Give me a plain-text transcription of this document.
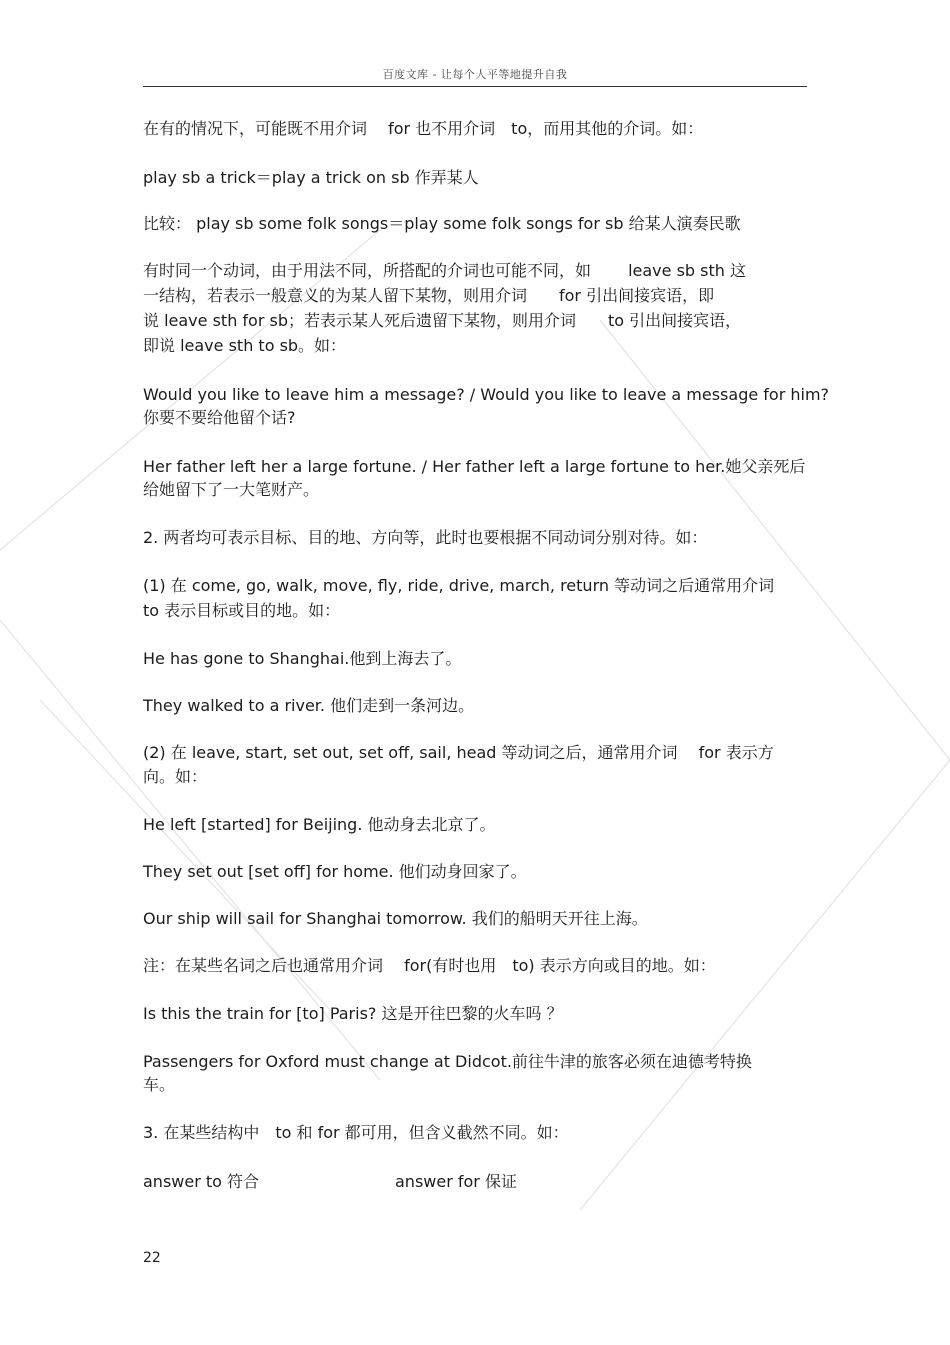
百度文库 - 让每个人平等地提升自我
在有的情况下，可能既不用介词　 for 也不用介词　to，而用其他的介词。如：
play sb a trick＝play a trick on sb 作弄某人
比较： play sb some folk songs＝play some folk songs for sb 给某人演奏民歌
有时同一个动词，由于用法不同，所搭配的介词也可能不同，如　　 leave sb sth 这
一结构，若表示一般意义的为某人留下某物，则用介词　　for 引出间接宾语，即
说 leave sth for sb；若表示某人死后遗留下某物，则用介词　　to 引出间接宾语，
即说 leave sth to sb。如：
Would you like to leave him a message? / Would you like to leave a message for him?
你要不要给他留个话?
Her father left her a large fortune. / Her father left a large fortune to her.她父亲死后
给她留下了一大笔财产。
2. 两者均可表示目标、目的地、方向等，此时也要根据不同动词分别对待。如：
(1) 在 come, go, walk, move, fly, ride, drive, march, return 等动词之后通常用介词
to 表示目标或目的地。如：
He has gone to Shanghai.他到上海去了。
They walked to a river. 他们走到一条河边。
(2) 在 leave, start, set out, set off, sail, head 等动词之后，通常用介词　 for 表示方
向。如：
He left [started] for Beijing. 他动身去北京了。
They set out [set off] for home. 他们动身回家了。
Our ship will sail for Shanghai tomorrow. 我们的船明天开往上海。
注：在某些名词之后也通常用介词　 for(有时也用　to) 表示方向或目的地。如：
Is this the train for [to] Paris? 这是开往巴黎的火车吗 ？
Passengers for Oxford must change at Didcot.前往牛津的旅客必须在迪德考特换
车。
3. 在某些结构中　to 和 for 都可用，但含义截然不同。如：
answer to 符合	answer for 保证
22
